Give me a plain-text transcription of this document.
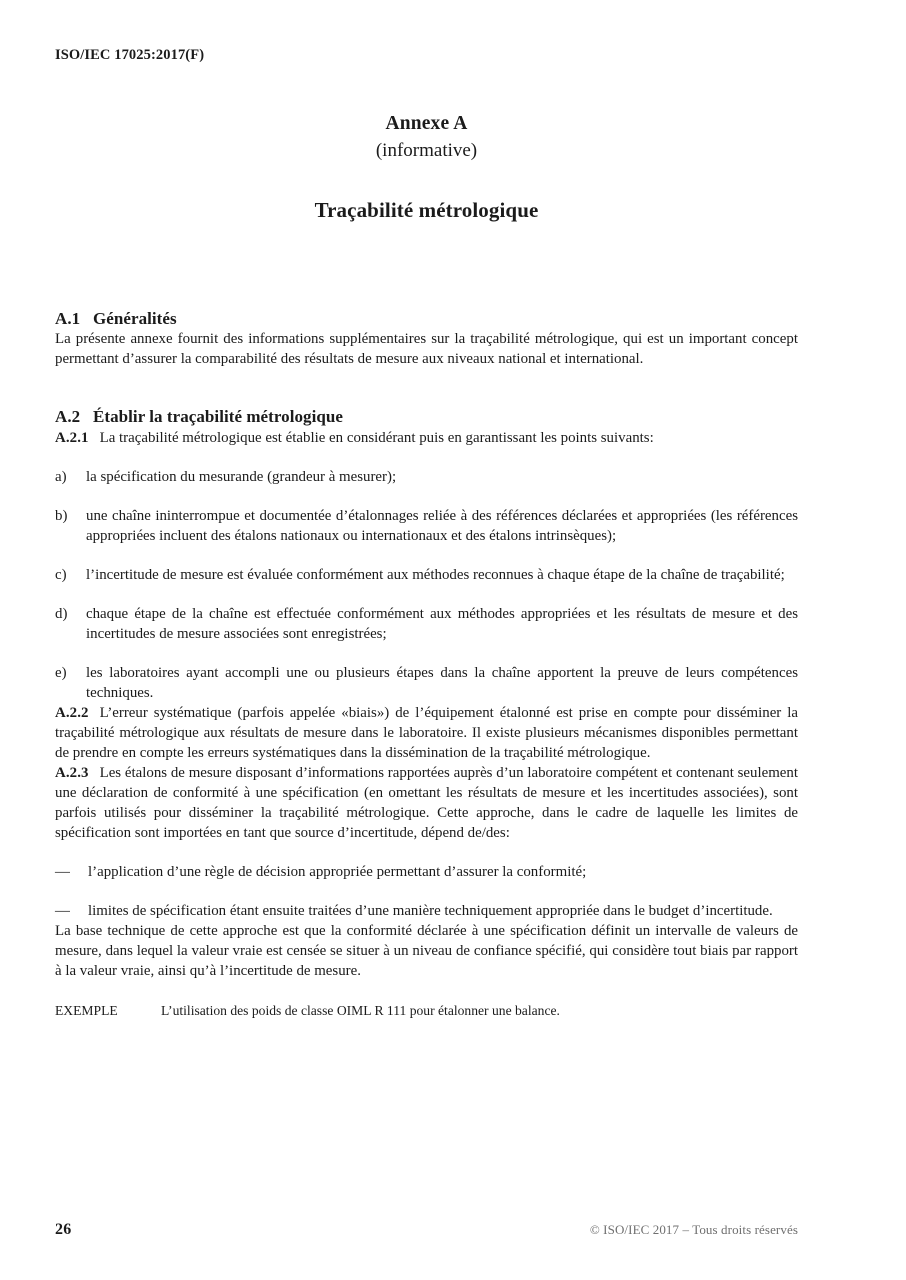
ISO/IEC 17025:2017(F)
Annexe A
(informative)
Traçabilité métrologique
A.1 Généralités

La présente annexe fournit des informations supplémentaires sur la traçabilité métrologique, qui est un important concept permettant d’assurer la comparabilité des résultats de mesure aux niveaux national et international.

A.2 Établir la traçabilité métrologique

A.2.1 La traçabilité métrologique est établie en considérant puis en garantissant les points suivants:

a)	la spécification du mesurande (grandeur à mesurer);
b)	une chaîne ininterrompue et documentée d’étalonnages reliée à des références déclarées et appropriées (les références appropriées incluent des étalons nationaux ou internationaux et des étalons intrinsèques);
c)	l’incertitude de mesure est évaluée conformément aux méthodes reconnues à chaque étape de la chaîne de traçabilité;
d)	chaque étape de la chaîne est effectuée conformément aux méthodes appropriées et les résultats de mesure et des incertitudes de mesure associées sont enregistrées;
e)	les laboratoires ayant accompli une ou plusieurs étapes dans la chaîne apportent la preuve de leurs compétences techniques.

A.2.2 L’erreur systématique (parfois appelée «biais») de l’équipement étalonné est prise en compte pour disséminer la traçabilité métrologique aux résultats de mesure dans le laboratoire. Il existe plusieurs mécanismes disponibles permettant de prendre en compte les erreurs systématiques dans la dissémination de la traçabilité métrologique.

A.2.3 Les étalons de mesure disposant d’informations rapportées auprès d’un laboratoire compétent et contenant seulement une déclaration de conformité à une spécification (en omettant les résultats de mesure et les incertitudes associées), sont parfois utilisés pour disséminer la traçabilité métrologique. Cette approche, dans le cadre de laquelle les limites de spécification sont importées en tant que source d’incertitude, dépend de/des:

—	l’application d’une règle de décision appropriée permettant d’assurer la conformité;
—	limites de spécification étant ensuite traitées d’une manière techniquement appropriée dans le budget d’incertitude.

La base technique de cette approche est que la conformité déclarée à une spécification définit un intervalle de valeurs de mesure, dans lequel la valeur vraie est censée se situer à un niveau de confiance spécifié, qui considère tout biais par rapport à la valeur vraie, ainsi qu’à l’incertitude de mesure.

EXEMPLE	L’utilisation des poids de classe OIML R 111 pour étalonner une balance.
26	© ISO/IEC 2017 – Tous droits réservés
